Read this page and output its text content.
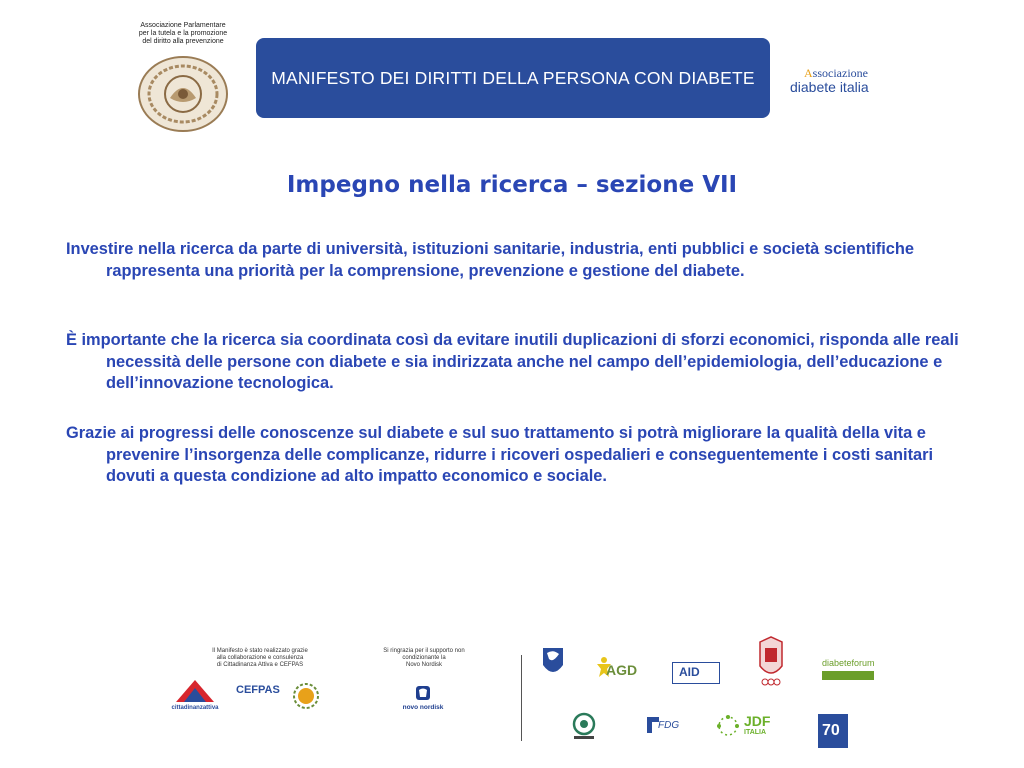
Associazione Parlamentare
per la tutela e la promozione
del diritto alla prevenzione
MANIFESTO DEI DIRITTI DELLA PERSONA CON DIABETE	Associazione
diabete italia
Impegno nella ricerca – sezione VII
Investire nella ricerca da parte di università, istituzioni sanitarie, industria, enti pubblici e società scientifiche rappresenta una priorità per la comprensione, prevenzione e gestione del diabete.
È importante che la ricerca sia coordinata così da evitare inutili duplicazioni di sforzi economici, risponda alle reali necessità delle persone con diabete e sia indirizzata anche nel campo dell’epidemiologia, dell’educazione e dell’innovazione tecnologica.
Grazie ai progressi delle conoscenze sul diabete e sul suo trattamento si potrà migliorare la qualità della vita e prevenire l’insorgenza delle complicanze, ridurre i ricoveri ospedalieri e conseguentemente i costi sanitari dovuti a questa condizione ad alto impatto economico e sociale.
Il Manifesto è stato realizzato grazie
alla collaborazione e consulenza
di Cittadinanza Attiva e CEFPAS
Si ringrazia per il supporto non
condizionante la
Novo Nordisk
cittadinanzattiva
CEFPAS
novo nordisk
AGD	AID
diabeteforum
FDG	JDF
ITALIA	70
